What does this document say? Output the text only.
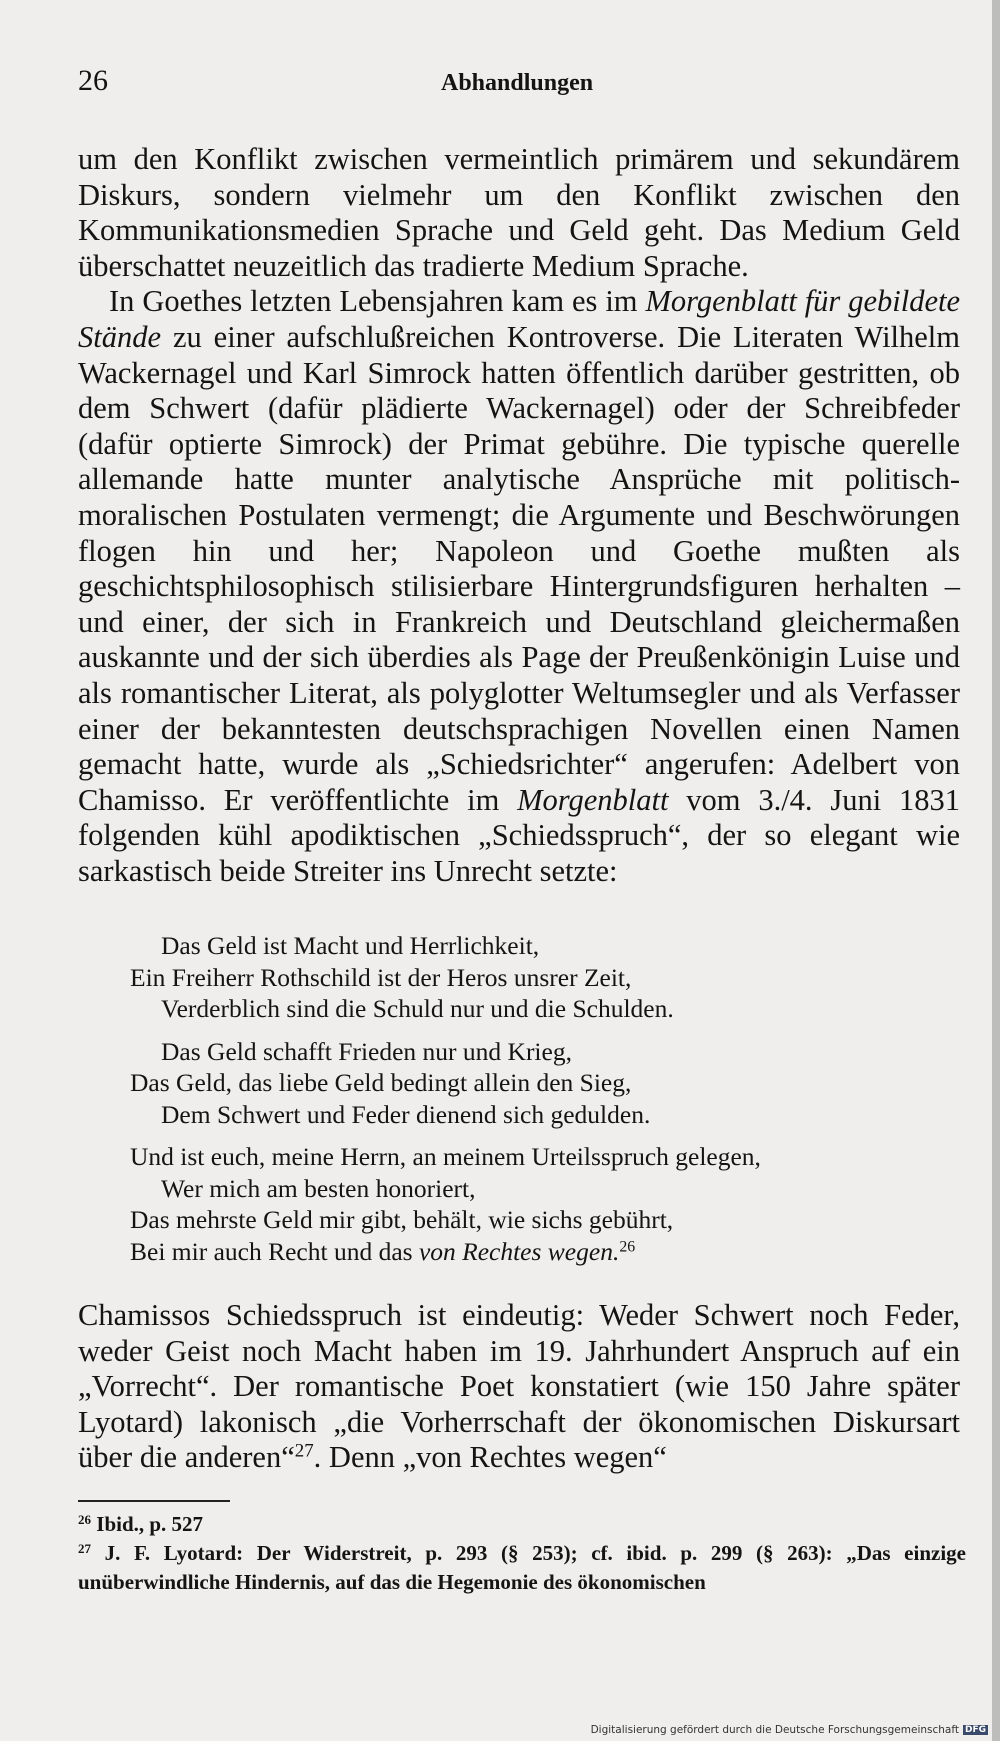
26	Abhandlungen

um den Konflikt zwischen vermeintlich primärem und sekundärem Diskurs, sondern vielmehr um den Konflikt zwischen den Kommunikationsmedien Sprache und Geld geht. Das Medium Geld überschattet neuzeitlich das tradierte Medium Sprache.

In Goethes letzten Lebensjahren kam es im Morgenblatt für gebildete Stände zu einer aufschlußreichen Kontroverse. Die Literaten Wilhelm Wackernagel und Karl Simrock hatten öffentlich darüber gestritten, ob dem Schwert (dafür plädierte Wackernagel) oder der Schreibfeder (dafür optierte Simrock) der Primat gebühre. Die typische querelle allemande hatte munter analytische Ansprüche mit politisch-moralischen Postulaten vermengt; die Argumente und Beschwörungen flogen hin und her; Napoleon und Goethe mußten als geschichtsphilosophisch stilisierbare Hintergrundsfiguren herhalten – und einer, der sich in Frankreich und Deutschland gleichermaßen auskannte und der sich überdies als Page der Preußenkönigin Luise und als romantischer Literat, als polyglotter Weltumsegler und als Verfasser einer der bekanntesten deutschsprachigen Novellen einen Namen gemacht hatte, wurde als „Schiedsrichter“ angerufen: Adelbert von Chamisso. Er veröffentlichte im Morgenblatt vom 3./4. Juni 1831 folgenden kühl apodiktischen „Schiedsspruch“, der so elegant wie sarkastisch beide Streiter ins Unrecht setzte:

Das Geld ist Macht und Herrlichkeit,
Ein Freiherr Rothschild ist der Heros unsrer Zeit,
Verderblich sind die Schuld nur und die Schulden.
Das Geld schafft Frieden nur und Krieg,
Das Geld, das liebe Geld bedingt allein den Sieg,
Dem Schwert und Feder dienend sich gedulden.
Und ist euch, meine Herrn, an meinem Urteilsspruch gelegen,
Wer mich am besten honoriert,
Das mehrste Geld mir gibt, behält, wie sichs gebührt,
Bei mir auch Recht und das von Rechtes wegen.$^{26}$

Chamissos Schiedsspruch ist eindeutig: Weder Schwert noch Feder, weder Geist noch Macht haben im 19. Jahrhundert Anspruch auf ein „Vorrecht“. Der romantische Poet konstatiert (wie 150 Jahre später Lyotard) lakonisch „die Vorherrschaft der ökonomischen Diskursart über die anderen“$^{27}$. Denn „von Rechtes wegen“

$^{26}$ Ibid., p. 527

$^{27}$ J. F. Lyotard: Der Widerstreit, p. 293 (§ 253); cf. ibid. p. 299 (§ 263): „Das einzige unüberwindliche Hindernis, auf das die Hegemonie des ökonomischen

Digitalisierung gefördert durch die Deutsche Forschungsgemeinschaft DFG
